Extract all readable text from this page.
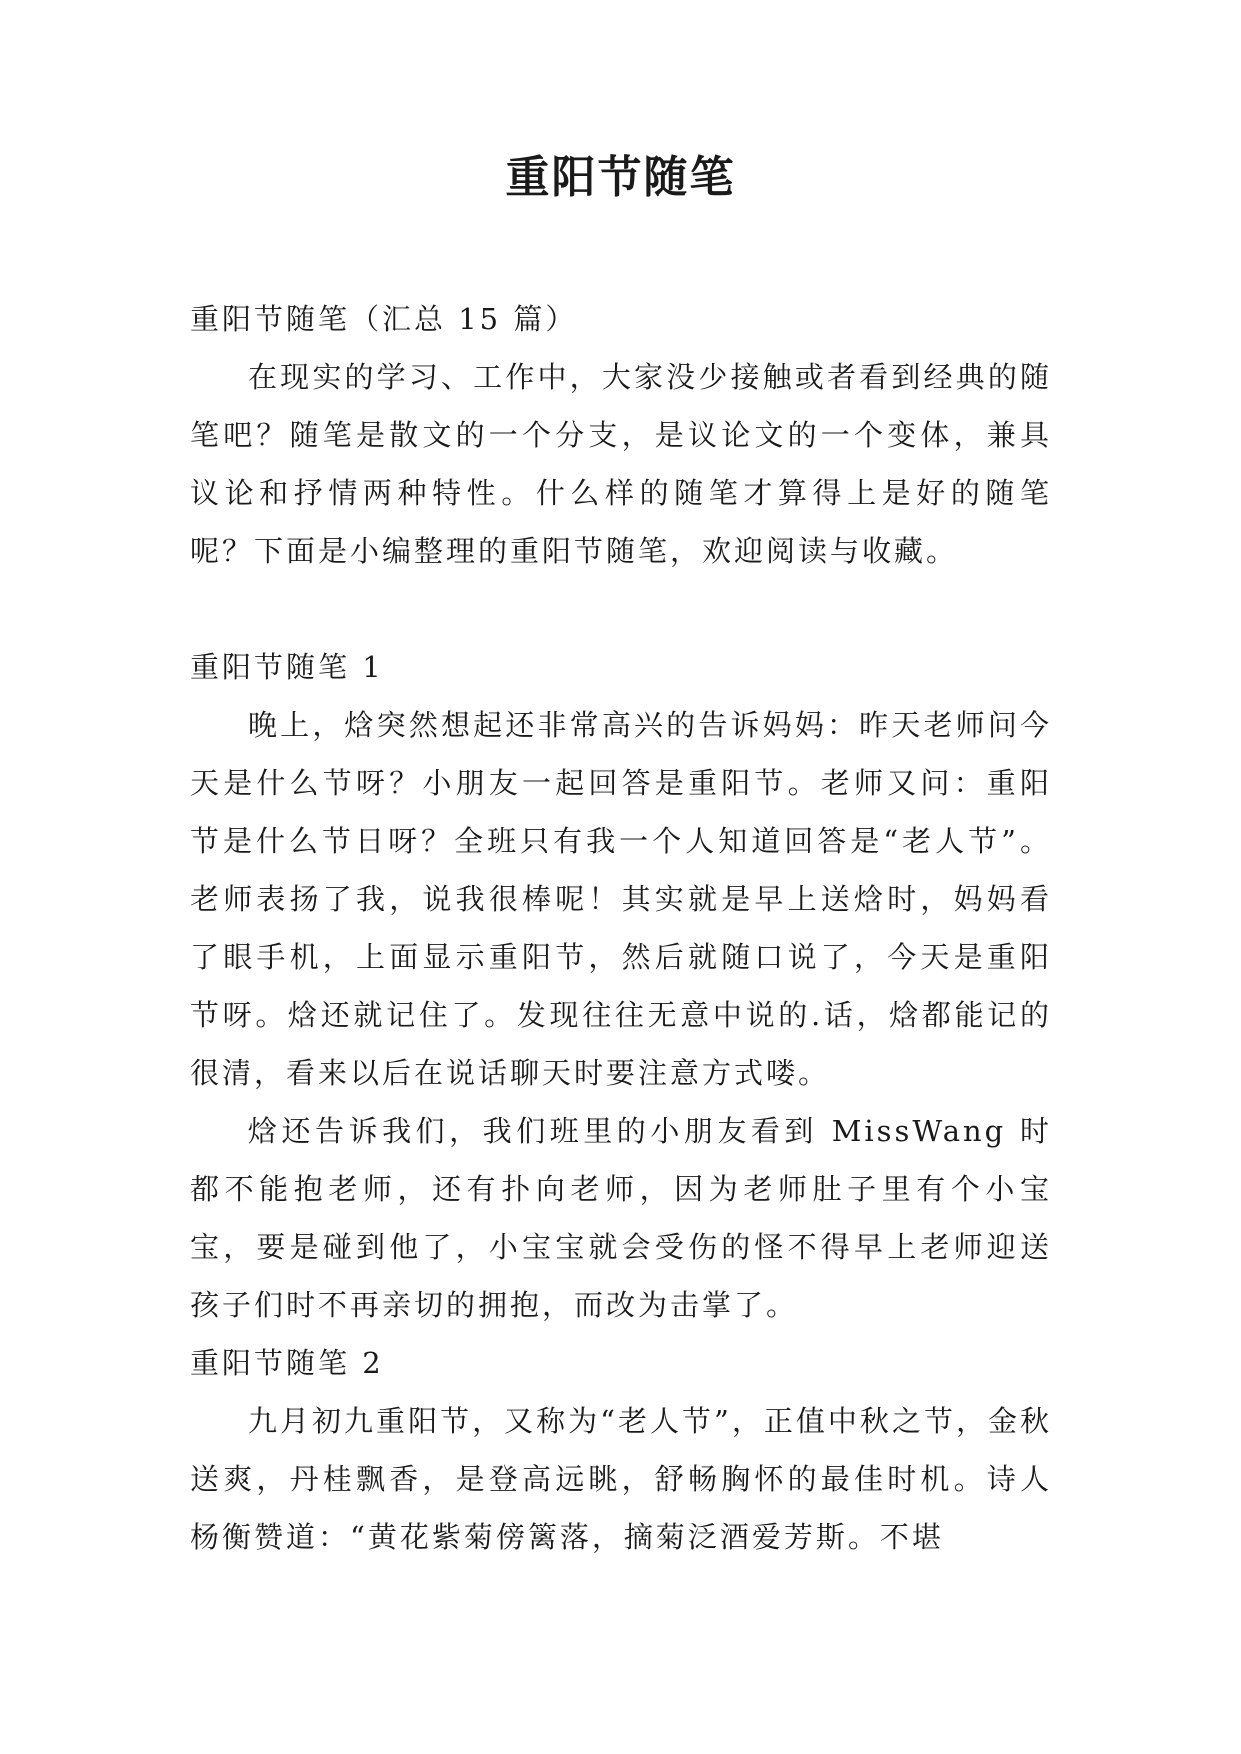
重阳节随笔

重阳节随笔（汇总 15 篇）

在现实的学习、工作中，大家没少接触或者看到经典的随笔吧？随笔是散文的一个分支，是议论文的一个变体，兼具议论和抒情两种特性。什么样的随笔才算得上是好的随笔呢？下面是小编整理的重阳节随笔，欢迎阅读与收藏。

重阳节随笔 1

晚上，焓突然想起还非常高兴的告诉妈妈：昨天老师问今天是什么节呀？小朋友一起回答是重阳节。老师又问：重阳节是什么节日呀？全班只有我一个人知道回答是“老人节”。老师表扬了我，说我很棒呢！其实就是早上送焓时，妈妈看了眼手机，上面显示重阳节，然后就随口说了，今天是重阳节呀。焓还就记住了。发现往往无意中说的.话，焓都能记的很清，看来以后在说话聊天时要注意方式喽。

焓还告诉我们，我们班里的小朋友看到 MissWang 时都不能抱老师，还有扑向老师，因为老师肚子里有个小宝宝，要是碰到他了，小宝宝就会受伤的怪不得早上老师迎送孩子们时不再亲切的拥抱，而改为击掌了。

重阳节随笔 2

九月初九重阳节，又称为“老人节”，正值中秋之节，金秋送爽，丹桂飘香，是登高远眺，舒畅胸怀的最佳时机。诗人杨衡赞道：“黄花紫菊傍篱落，摘菊泛酒爱芳斯。不堪
